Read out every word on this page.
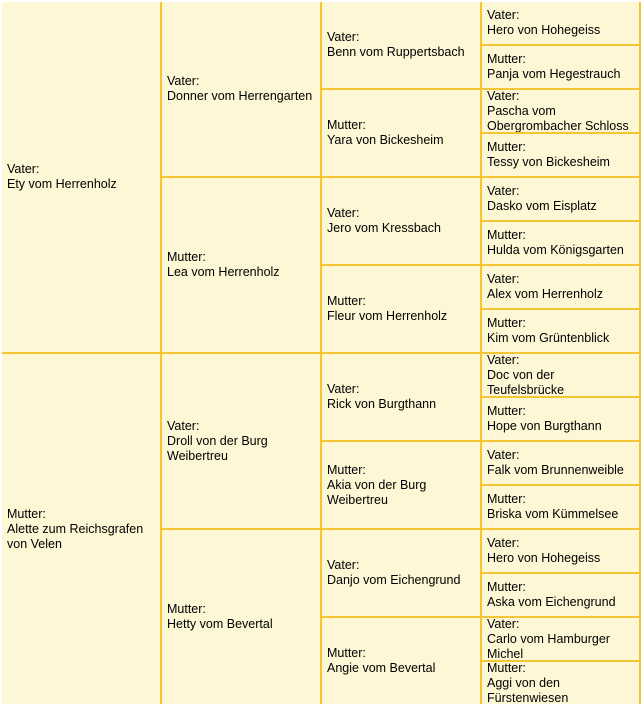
Vater:
Ety vom Herrenholz
Mutter:
Alette zum Reichsgrafen von Velen
Vater:
Donner vom Herrengarten
Mutter:
Lea vom Herrenholz
Vater:
Droll von der Burg Weibertreu
Mutter:
Hetty vom Bevertal
Vater:
Benn vom Ruppertsbach
Mutter:
Yara von Bickesheim
Vater:
Jero vom Kressbach
Mutter:
Fleur vom Herrenholz
Vater:
Rick von Burgthann
Mutter:
Akia von der Burg Weibertreu
Vater:
Danjo vom Eichengrund
Mutter:
Angie vom Bevertal
Vater:
Hero von Hohegeiss
Mutter:
Panja vom Hegestrauch
Vater:
Pascha vom Obergrombacher Schloss
Mutter:
Tessy von Bickesheim
Vater:
Dasko vom Eisplatz
Mutter:
Hulda vom Königsgarten
Vater:
Alex vom Herrenholz
Mutter:
Kim vom Grüntenblick
Vater:
Doc von der Teufelsbrücke
Mutter:
Hope von Burgthann
Vater:
Falk vom Brunnenweible
Mutter:
Briska vom Kümmelsee
Vater:
Hero von Hohegeiss
Mutter:
Aska vom Eichengrund
Vater:
Carlo vom Hamburger Michel
Mutter:
Aggi von den Fürstenwiesen
